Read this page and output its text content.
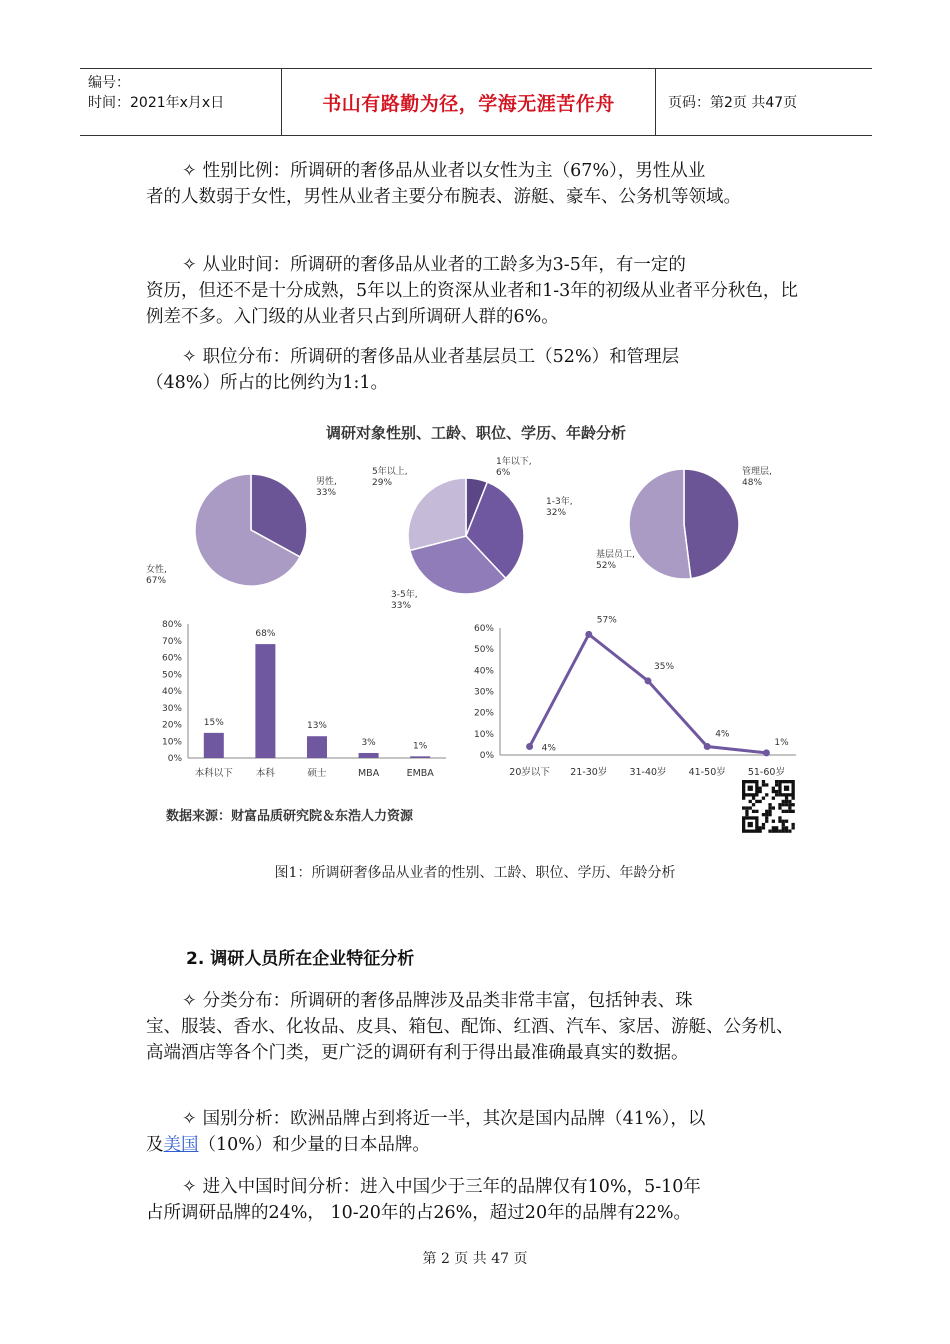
编号：
时间：2021年x月x日	书山有路勤为径，学海无涯苦作舟	页码：第2页 共47页
✧ 性别比例：所调研的奢侈品从业者以女性为主（67%），男性从业
者的人数弱于女性，男性从业者主要分布腕表、游艇、豪车、公务机等领域。
✧ 从业时间：所调研的奢侈品从业者的工龄多为3-5年，有一定的
资历，但还不是十分成熟，5年以上的资深从业者和1-3年的初级从业者平分秋色，比例差不多。入门级的从业者只占到所调研人群的6%。
✧ 职位分布：所调研的奢侈品从业者基层员工（52%）和管理层
（48%）所占的比例约为1:1。
调研对象性别、工龄、职位、学历、年龄分析
男性, 33%
女性, 67%
1年以下, 6%
1-3年, 32%
3-5年, 33%
5年以上, 29%
管理层, 48%
基层员工, 52%
0%
10%
20%
30%
40%
50%
60%
70%
80%
15%
本科以下
68%
本科
13%
硕士
3%
MBA
1%
EMBA
0%
10%
20%
30%
40%
50%
60%
4%
20岁以下
57%
21-30岁
35%
31-40岁
4%
41-50岁
1%
51-60岁
数据来源：财富品质研究院＆东浩人力资源
图1：所调研奢侈品从业者的性别、工龄、职位、学历、年龄分析
2. 调研人员所在企业特征分析
✧ 分类分布：所调研的奢侈品牌涉及品类非常丰富，包括钟表、珠
宝、服装、香水、化妆品、皮具、箱包、配饰、红酒、汽车、家居、游艇、公务机、高端酒店等各个门类，更广泛的调研有利于得出最准确最真实的数据。
✧ 国别分析：欧洲品牌占到将近一半，其次是国内品牌（41%），以
及美国（10%）和少量的日本品牌。
✧ 进入中国时间分析：进入中国少于三年的品牌仅有10%，5-10年
占所调研品牌的24%， 10-20年的占26%，超过20年的品牌有22%。
第 2 页 共 47 页
